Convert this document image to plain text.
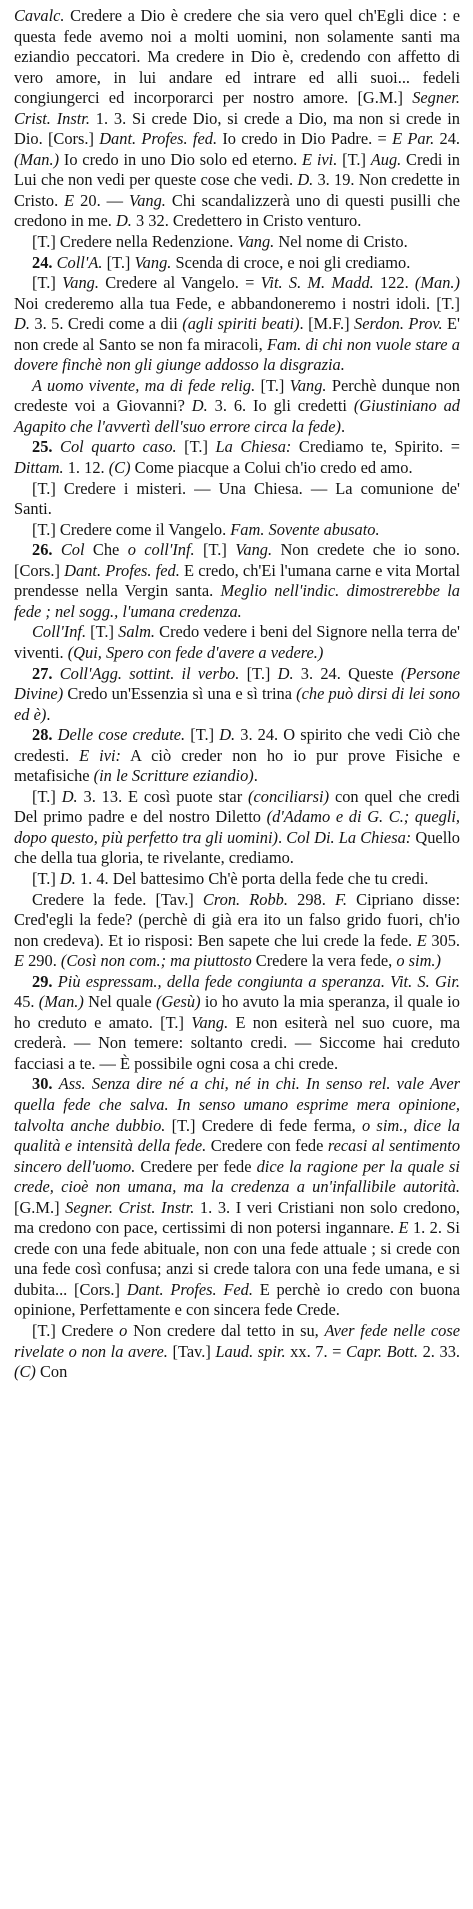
Cavalc. Credere a Dio è credere che sia vero quel ch'Egli dice : e questa fede avemo noi a molti uomini, non solamente santi ma eziandio peccatori. Ma credere in Dio è, credendo con affetto di vero amore, in lui andare ed intrare ed alli suoi... fedeli congiungerci ed incorporarci per nostro amore. [G.M.] Segner. Crist. Instr. 1. 3. Si crede Dio, si crede a Dio, ma non si crede in Dio. [Cors.] Dant. Profes. fed. Io credo in Dio Padre. = E Par. 24. (Man.) Io credo in uno Dio solo ed eterno. E ivi. [T.] Aug. Credi in Lui che non vedi per queste cose che vedi. D. 3. 19. Non credette in Cristo. E 20. — Vang. Chi scandalizzerà uno di questi pusilli che credono in me. D. 3 32. Credettero in Cristo venturo.

[T.] Credere nella Redenzione. Vang. Nel nome di Cristo.

24. Coll'A. [T.] Vang. Scenda di croce, e noi gli crediamo.

[T.] Vang. Credere al Vangelo. = Vit. S. M. Madd. 122. (Man.) Noi crederemo alla tua Fede, e abbandoneremo i nostri idoli. [T.] D. 3. 5. Credi come a dii (agli spiriti beati). [M.F.] Serdon. Prov. E' non crede al Santo se non fa miracoli, Fam. di chi non vuole stare a dovere finchè non gli giunge addosso la disgrazia.

A uomo vivente, ma di fede relig. [T.] Vang. Perchè dunque non credeste voi a Giovanni? D. 3. 6. Io gli credetti (Giustiniano ad Agapito che l'avvertì dell'suo errore circa la fede).

25. Col quarto caso. [T.] La Chiesa: Crediamo te, Spirito. = Dittam. 1. 12. (C) Come piacque a Colui ch'io credo ed amo.

[T.] Credere i misteri. — Una Chiesa. — La comunione de' Santi.

[T.] Credere come il Vangelo. Fam. Sovente abusato.

26. Col Che o coll'Inf. [T.] Vang. Non credete che io sono. [Cors.] Dant. Profes. fed. E credo, ch'Ei l'umana carne e vita Mortal prendesse nella Vergin santa. Meglio nell'indic. dimostrerebbe la fede ; nel sogg., l'umana credenza.

Coll'Inf. [T.] Salm. Credo vedere i beni del Signore nella terra de' viventi. (Qui, Spero con fede d'avere a vedere.)

27. Coll'Agg. sottint. il verbo. [T.] D. 3. 24. Queste (Persone Divine) Credo un'Essenzia sì una e sì trina (che può dirsi di lei sono ed è).

28. Delle cose credute. [T.] D. 3. 24. O spirito che vedi Ciò che credesti. E ivi: A ciò creder non ho io pur prove Fisiche e metafisiche (in le Scritture eziandio).

[T.] D. 3. 13. E così puote star (conciliarsi) con quel che credi Del primo padre e del nostro Diletto (d'Adamo e di G. C.; quegli, dopo questo, più perfetto tra gli uomini). Col Di. La Chiesa: Quello che della tua gloria, te rivelante, crediamo.

[T.] D. 1. 4. Del battesimo Ch'è porta della fede che tu credi.

Credere la fede. [Tav.] Cron. Robb. 298. F. Cipriano disse: Cred'egli la fede? (perchè di già era ito un falso grido fuori, ch'io non credeva). Et io risposi: Ben sapete che lui crede la fede. E 305. E 290. (Così non com.; ma piuttosto Credere la vera fede, o sim.)

29. Più espressam., della fede congiunta a speranza. Vit. S. Gir. 45. (Man.) Nel quale (Gesù) io ho avuto la mia speranza, il quale io ho creduto e amato. [T.] Vang. E non esiterà nel suo cuore, ma crederà. — Non temere: soltanto credi. — Siccome hai creduto facciasi a te. — È possibile ogni cosa a chi crede.

30. Ass. Senza dire né a chi, né in chi. In senso rel. vale Aver quella fede che salva. In senso umano esprime mera opinione, talvolta anche dubbio. [T.] Credere di fede ferma, o sim., dice la qualità e intensità della fede. Credere con fede recasi al sentimento sincero dell'uomo. Credere per fede dice la ragione per la quale si crede, cioè non umana, ma la credenza a un'infallibile autorità. [G.M.] Segner. Crist. Instr. 1. 3. I veri Cristiani non solo credono, ma credono con pace, certissimi di non potersi ingannare. E 1. 2. Si crede con una fede abituale, non con una fede attuale ; si crede con una fede così confusa; anzi si crede talora con una fede umana, e si dubita... [Cors.] Dant. Profes. Fed. E perchè io credo con buona opinione, Perfettamente e con sincera fede Crede.

[T.] Credere o Non credere dal tetto in su, Aver fede nelle cose rivelate o non la avere. [Tav.] Laud. spir. xx. 7. = Capr. Bott. 2. 33. (C) Con
